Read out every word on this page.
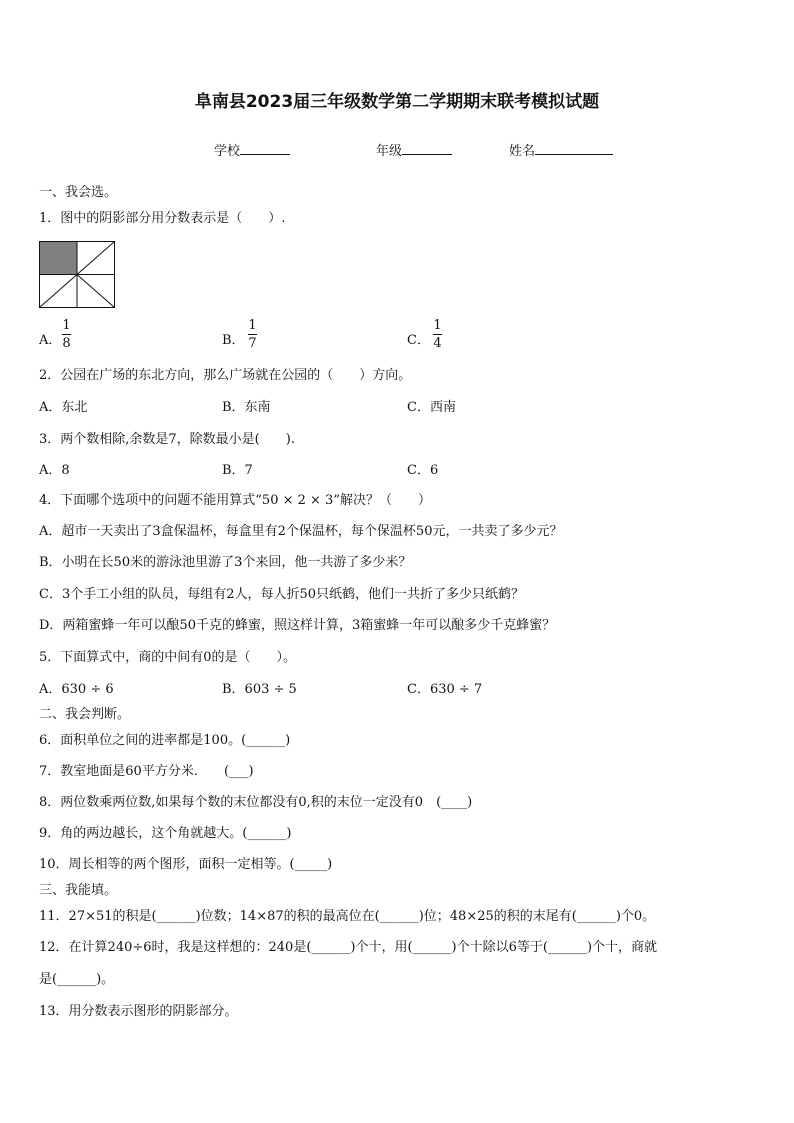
阜南县2023届三年级数学第二学期期末联考模拟试题
学校	年级	姓名
一、我会选。
1．图中的阴影部分用分数表示是（　　）.
A．
1
8	B．
1
7	C．
1
4
2．公园在广场的东北方向，那么广场就在公园的（　　）方向。
A．东北	B．东南	C．西南
3．两个数相除,余数是7，除数最小是(　　).
A．8	B．7	C．6
4．下面哪个选项中的问题不能用算式“50 × 2 × 3”解决？（　　）
A．超市一天卖出了3盒保温杯，每盒里有2个保温杯，每个保温杯50元，一共卖了多少元？
B．小明在长50米的游泳池里游了3个来回，他一共游了多少米？
C．3个手工小组的队员，每组有2人，每人折50只纸鹤，他们一共折了多少只纸鹤？
D．两箱蜜蜂一年可以酿50千克的蜂蜜，照这样计算，3箱蜜蜂一年可以酿多少千克蜂蜜？
5．下面算式中，商的中间有0的是（　　）。
A．630 ÷ 6	B．603 ÷ 5	C．630 ÷ 7
二、我会判断。
6．面积单位之间的进率都是100。(______)
7．教室地面是60平方分米.　　(___)
8．两位数乘两位数,如果每个数的末位都没有0,积的末位一定没有0　(____)
9．角的两边越长，这个角就越大。(______)
10．周长相等的两个图形，面积一定相等。(_____)
三、我能填。
11．27×51的积是(______)位数；14×87的积的最高位在(______)位；48×25的积的末尾有(______)个0。
12．在计算240÷6时，我是这样想的：240是(______)个十，用(______)个十除以6等于(______)个十，商就
是(______)。
13．用分数表示图形的阴影部分。
